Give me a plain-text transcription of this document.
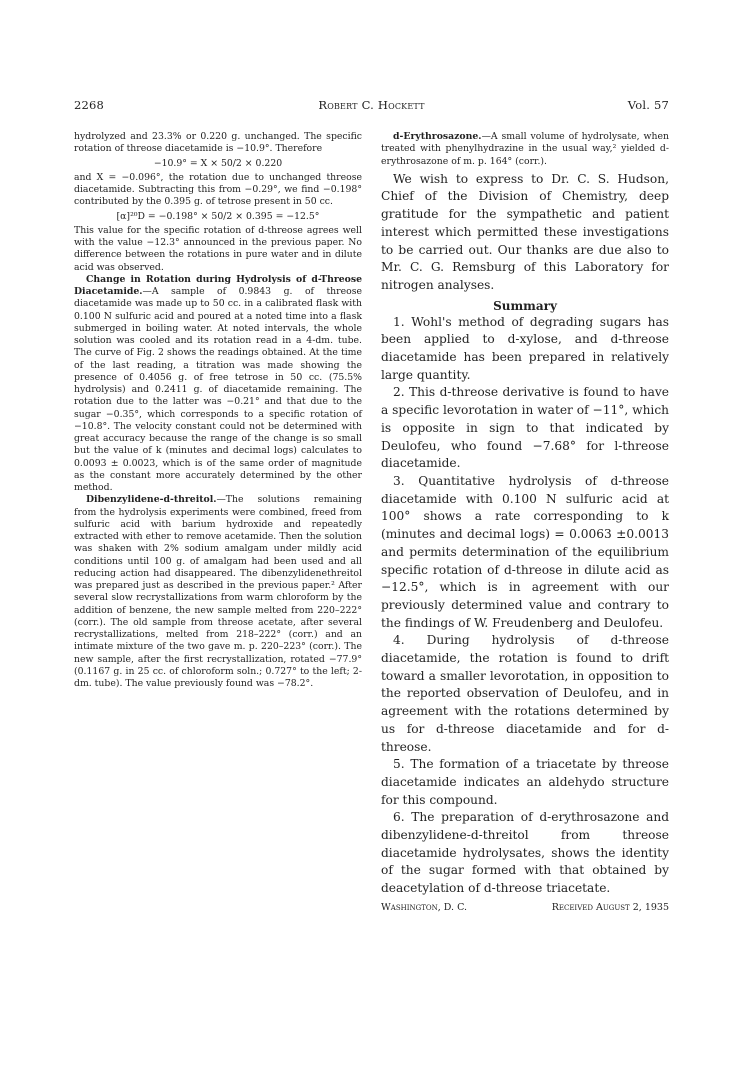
2268	Robert C. Hockett	Vol. 57

hydrolyzed and 23.3% or 0.220 g. unchanged. The specific rotation of threose diacetamide is −10.9°. Therefore

−10.9° = X × 50/2 × 0.220

and X = −0.096°, the rotation due to unchanged threose diacetamide. Subtracting this from −0.29°, we find −0.198° contributed by the 0.395 g. of tetrose present in 50 cc.

[α]²⁰D = −0.198° × 50/2 × 0.395 = −12.5°

This value for the specific rotation of d-threose agrees well with the value −12.3° announced in the previous paper. No difference between the rotations in pure water and in dilute acid was observed.

Change in Rotation during Hydrolysis of d-Threose Diacetamide.—A sample of 0.9843 g. of threose diacetamide was made up to 50 cc. in a calibrated flask with 0.100 N sulfuric acid and poured at a noted time into a flask submerged in boiling water. At noted intervals, the whole solution was cooled and its rotation read in a 4-dm. tube. The curve of Fig. 2 shows the readings obtained. At the time of the last reading, a titration was made showing the presence of 0.4056 g. of free tetrose in 50 cc. (75.5% hydrolysis) and 0.2411 g. of diacetamide remaining. The rotation due to the latter was −0.21° and that due to the sugar −0.35°, which corresponds to a specific rotation of −10.8°. The velocity constant could not be determined with great accuracy because the range of the change is so small but the value of k (minutes and decimal logs) calculates to 0.0093 ± 0.0023, which is of the same order of magnitude as the constant more accurately determined by the other method.

Dibenzylidene-d-threitol.—The solutions remaining from the hydrolysis experiments were combined, freed from sulfuric acid with barium hydroxide and repeatedly extracted with ether to remove acetamide. Then the solution was shaken with 2% sodium amalgam under mildly acid conditions until 100 g. of amalgam had been used and all reducing action had disappeared. The dibenzylidenethreitol was prepared just as described in the previous paper.² After several slow recrystallizations from warm chloroform by the addition of benzene, the new sample melted from 220–222° (corr.). The old sample from threose acetate, after several recrystallizations, melted from 218–222° (corr.) and an intimate mixture of the two gave m. p. 220–223° (corr.). The new sample, after the first recrystallization, rotated −77.9° (0.1167 g. in 25 cc. of chloroform soln.; 0.727° to the left; 2-dm. tube). The value previously found was −78.2°.

d-Erythrosazone.—A small volume of hydrolysate, when treated with phenylhydrazine in the usual way,² yielded d-erythrosazone of m. p. 164° (corr.).

We wish to express to Dr. C. S. Hudson, Chief of the Division of Chemistry, deep gratitude for the sympathetic and patient interest which permitted these investigations to be carried out. Our thanks are due also to Mr. C. G. Remsburg of this Laboratory for nitrogen analyses.

Summary

1. Wohl's method of degrading sugars has been applied to d-xylose, and d-threose diacetamide has been prepared in relatively large quantity.

2. This d-threose derivative is found to have a specific levorotation in water of −11°, which is opposite in sign to that indicated by Deulofeu, who found −7.68° for l-threose diacetamide.

3. Quantitative hydrolysis of d-threose diacetamide with 0.100 N sulfuric acid at 100° shows a rate corresponding to k (minutes and decimal logs) = 0.0063 ±0.0013 and permits determination of the equilibrium specific rotation of d-threose in dilute acid as −12.5°, which is in agreement with our previously determined value and contrary to the findings of W. Freudenberg and Deulofeu.

4. During hydrolysis of d-threose diacetamide, the rotation is found to drift toward a smaller levorotation, in opposition to the reported observation of Deulofeu, and in agreement with the rotations determined by us for d-threose diacetamide and for d-threose.

5. The formation of a triacetate by threose diacetamide indicates an aldehydo structure for this compound.

6. The preparation of d-erythrosazone and dibenzylidene-d-threitol from threose diacetamide hydrolysates, shows the identity of the sugar formed with that obtained by deacetylation of d-threose triacetate.

Washington, D. C.	Received August 2, 1935
